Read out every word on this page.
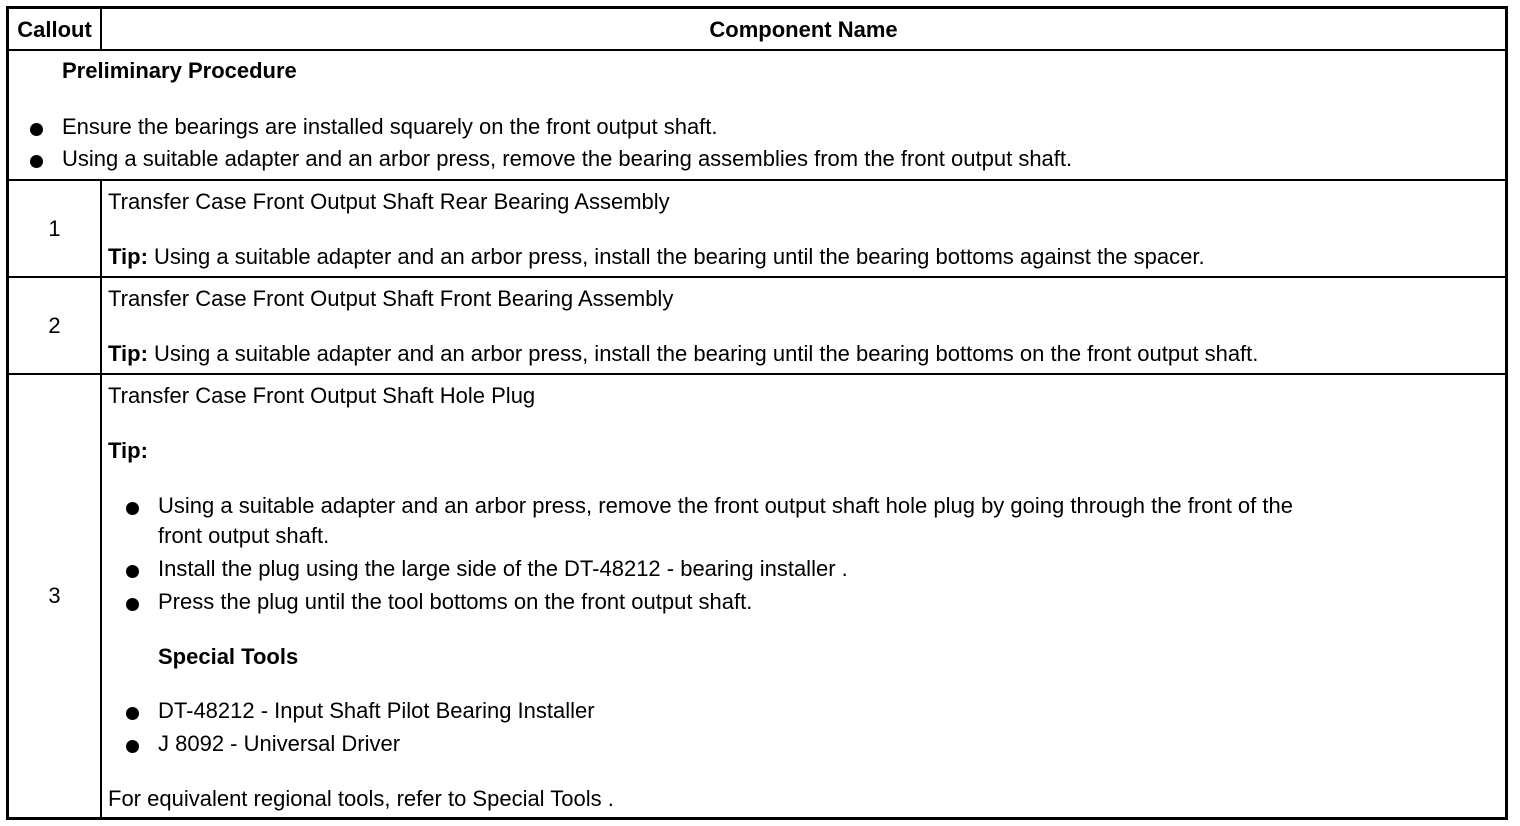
Callout	Component Name
Preliminary Procedure
Ensure the bearings are installed squarely on the front output shaft.
Using a suitable adapter and an arbor press, remove the bearing assemblies from the front output shaft.
1
Transfer Case Front Output Shaft Rear Bearing Assembly
Tip: Using a suitable adapter and an arbor press, install the bearing until the bearing bottoms against the spacer.
2
Transfer Case Front Output Shaft Front Bearing Assembly
Tip: Using a suitable adapter and an arbor press, install the bearing until the bearing bottoms on the front output shaft.
3
Transfer Case Front Output Shaft Hole Plug
Tip:
Using a suitable adapter and an arbor press, remove the front output shaft hole plug by going through the front of the
front output shaft.
Install the plug using the large side of the DT-48212 - bearing installer .
Press the plug until the tool bottoms on the front output shaft.
Special Tools
DT-48212 - Input Shaft Pilot Bearing Installer
J 8092 - Universal Driver
For equivalent regional tools, refer to Special Tools .
